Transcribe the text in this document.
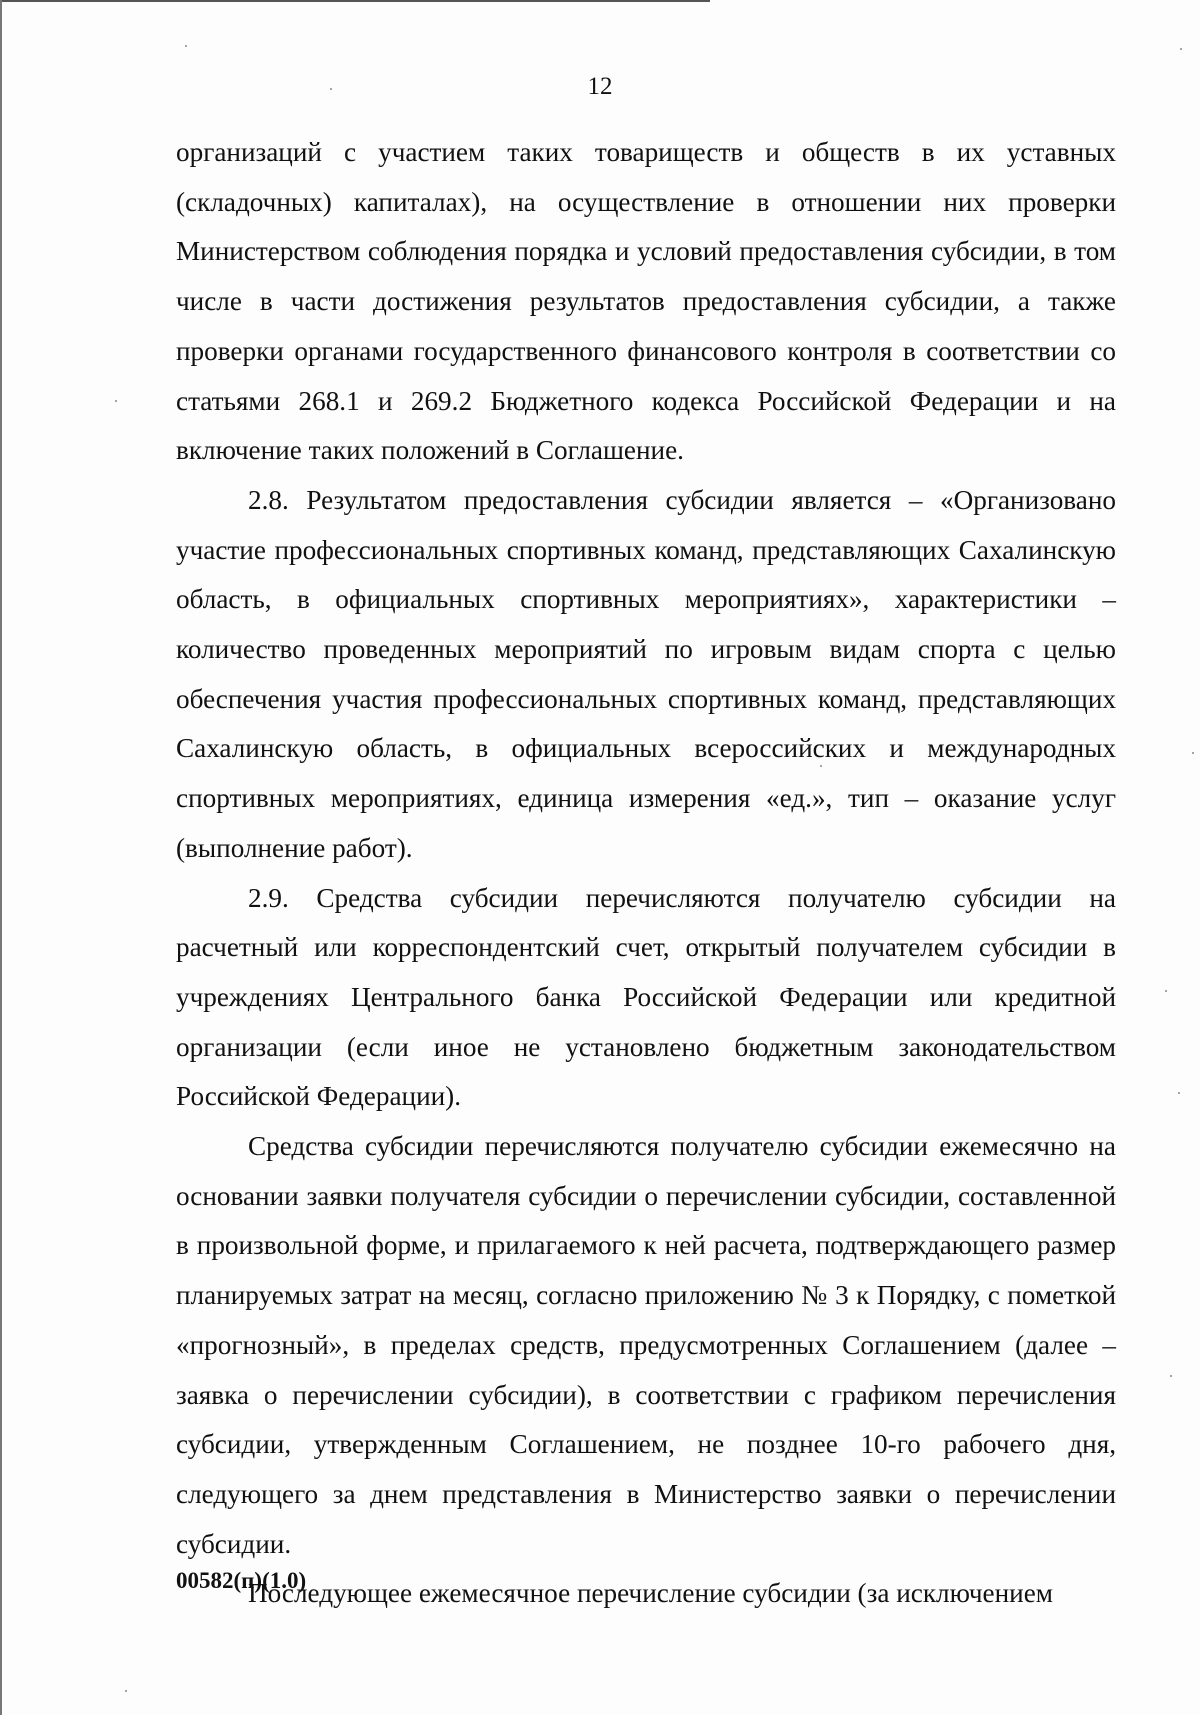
12

организаций с участием таких товариществ и обществ в их уставных (складочных) капиталах), на осуществление в отношении них проверки Министерством соблюдения порядка и условий предоставления субсидии, в том числе в части достижения результатов предоставления субсидии, а также проверки органами государственного финансового контроля в соответствии со статьями 268.1 и 269.2 Бюджетного кодекса Российской Федерации и на включение таких положений в Соглашение.

2.8. Результатом предоставления субсидии является – «Организовано участие профессиональных спортивных команд, представляющих Сахалинскую область, в официальных спортивных мероприятиях», характеристики – количество проведенных мероприятий по игровым видам спорта с целью обеспечения участия профессиональных спортивных команд, представляющих Сахалинскую область, в официальных всероссийских и международных спортивных мероприятиях, единица измерения «ед.», тип – оказание услуг (выполнение работ).

2.9. Средства субсидии перечисляются получателю субсидии на расчетный или корреспондентский счет, открытый получателем субсидии в учреждениях Центрального банка Российской Федерации или кредитной организации (если иное не установлено бюджетным законодательством Российской Федерации).

Средства субсидии перечисляются получателю субсидии ежемесячно на основании заявки получателя субсидии о перечислении субсидии, составленной в произвольной форме, и прилагаемого к ней расчета, подтверждающего размер планируемых затрат на месяц, согласно приложению № 3 к Порядку, с пометкой «прогнозный», в пределах средств, предусмотренных Соглашением (далее – заявка о перечислении субсидии), в соответствии с графиком перечисления субсидии, утвержденным Соглашением, не позднее 10-го рабочего дня, следующего за днем представления в Министерство заявки о перечислении субсидии.

Последующее ежемесячное перечисление субсидии (за исключением

00582(п)(1.0)
